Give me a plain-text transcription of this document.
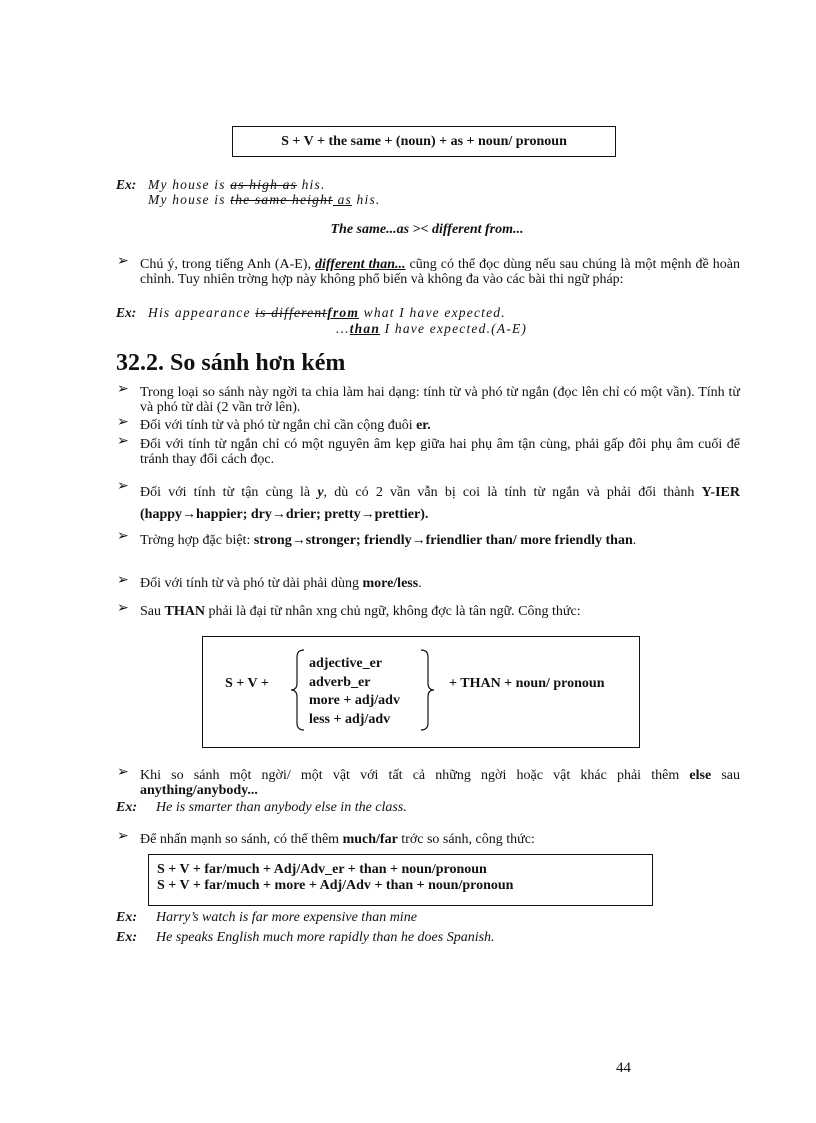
S + V + the same + (noun) + as + noun/ pronoun
Ex: My house is as high as his.
My house is the same height as his.
The same...as >< different from...
➢ Chú ý, trong tiếng Anh (A-E), different than... cũng có thể đọc dùng nếu sau chúng là một mệnh đề hoàn chỉnh. Tuy nhiên trờng hợp này không phổ biến và không đa vào các bài thi ngữ pháp:
Ex: His appearance is differentfrom what I have expected.
...than I have expected.(A-E)
32.2. So sánh hơn kém
➢ Trong loại so sánh này ngời ta chia làm hai dạng: tính từ và phó từ ngắn (đọc lên chỉ có một vần). Tính từ và phó từ dài (2 vần trở lên).
➢ Đối với tính từ và phó từ ngắn chỉ cần cộng đuôi er.
➢ Đối với tính từ ngắn chỉ có một nguyên âm kẹp giữa hai phụ âm tận cùng, phải gấp đôi phụ âm cuối để tránh thay đổi cách đọc.
➢ Đối với tính từ tận cùng là y, dù có 2 vần vẫn bị coi là tính từ ngắn và phải đổi thành Y-IER (happy→happier; dry→drier; pretty→prettier).
➢ Trờng hợp đặc biệt: strong→stronger; friendly→friendlier than/ more friendly than.
➢ Đối với tính từ và phó từ dài phải dùng more/less.
➢ Sau THAN phải là đại từ nhân xng chủ ngữ, không đợc là tân ngữ. Công thức:
S + V +
adjective_er
adverb_er
more + adj/adv
less + adj/adv
+ THAN + noun/ pronoun
➢ Khi so sánh một ngời/ một vật với tất cả những ngời hoặc vật khác phải thêm else sau anything/anybody...
Ex: He is smarter than anybody else in the class.
➢ Để nhấn mạnh so sánh, có thể thêm much/far trớc so sánh, công thức:
S + V + far/much + Adj/Adv_er + than + noun/pronoun
S + V + far/much + more + Adj/Adv + than + noun/pronoun
Ex: Harry’s watch is far more expensive than mine
Ex: He speaks English much more rapidly than he does Spanish.
44
